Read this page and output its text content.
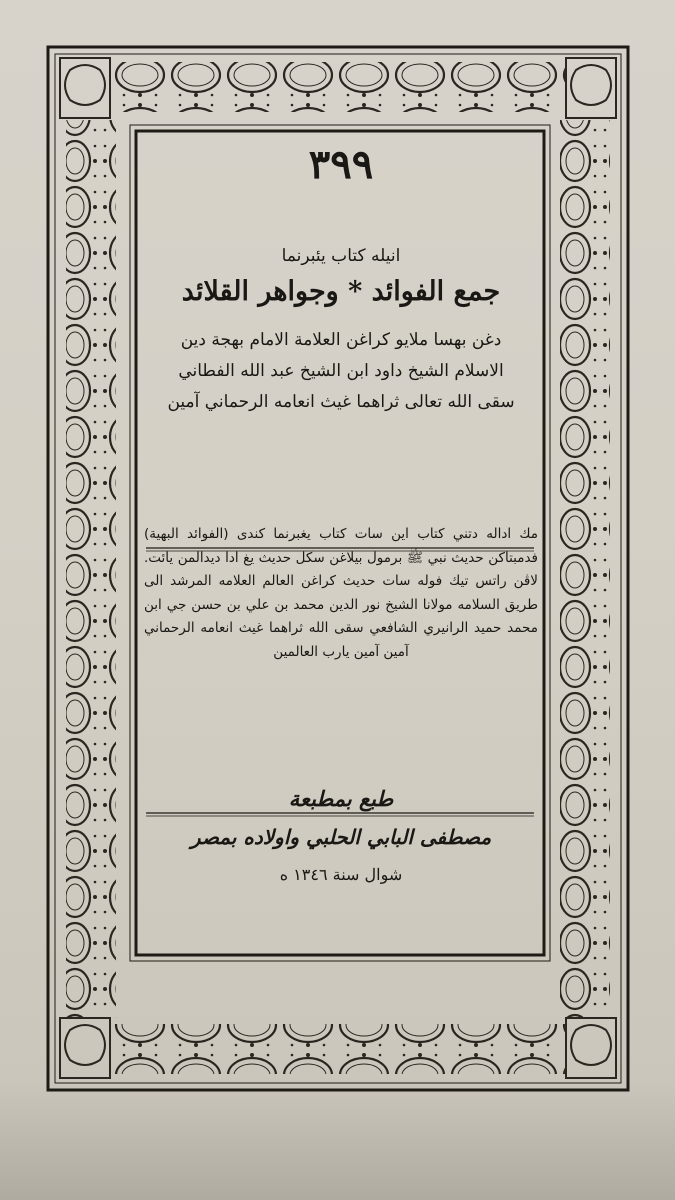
٣٩٩
انيله كتاب يئبرنما
جمع الفوائد * وجواهر القلائد
دغن بهسا ملايو كراغن العلامة الامام بهجة دين
الاسلام الشيخ داود ابن الشيخ عبد الله الفطاني
سقى الله تعالى ثراهما غيث انعامه الرحماني آمين
مك اداله دتني كتاب اين سات كتاب يغبرنما كندى (الفوائد البهية) فدمبتاكن حديث نبي ﷺ برمول بيلاغن سكل حديث يغ ادا ديدالمن يائت. لاڤن راتس تيك فوله سات حديث كراغن العالم العلامه المرشد الى طريق السلامه مولانا الشيخ نور الدين محمد بن علي بن حسن جي ابن محمد حميد الرانيري الشافعي سقى الله ثراهما غيث انعامه الرحماني آمين آمين يارب العالمين
طبع بمطبعة
مصطفى البابي الحلبي واولاده بمصر
شوال سنة ١٣٤٦ ه
